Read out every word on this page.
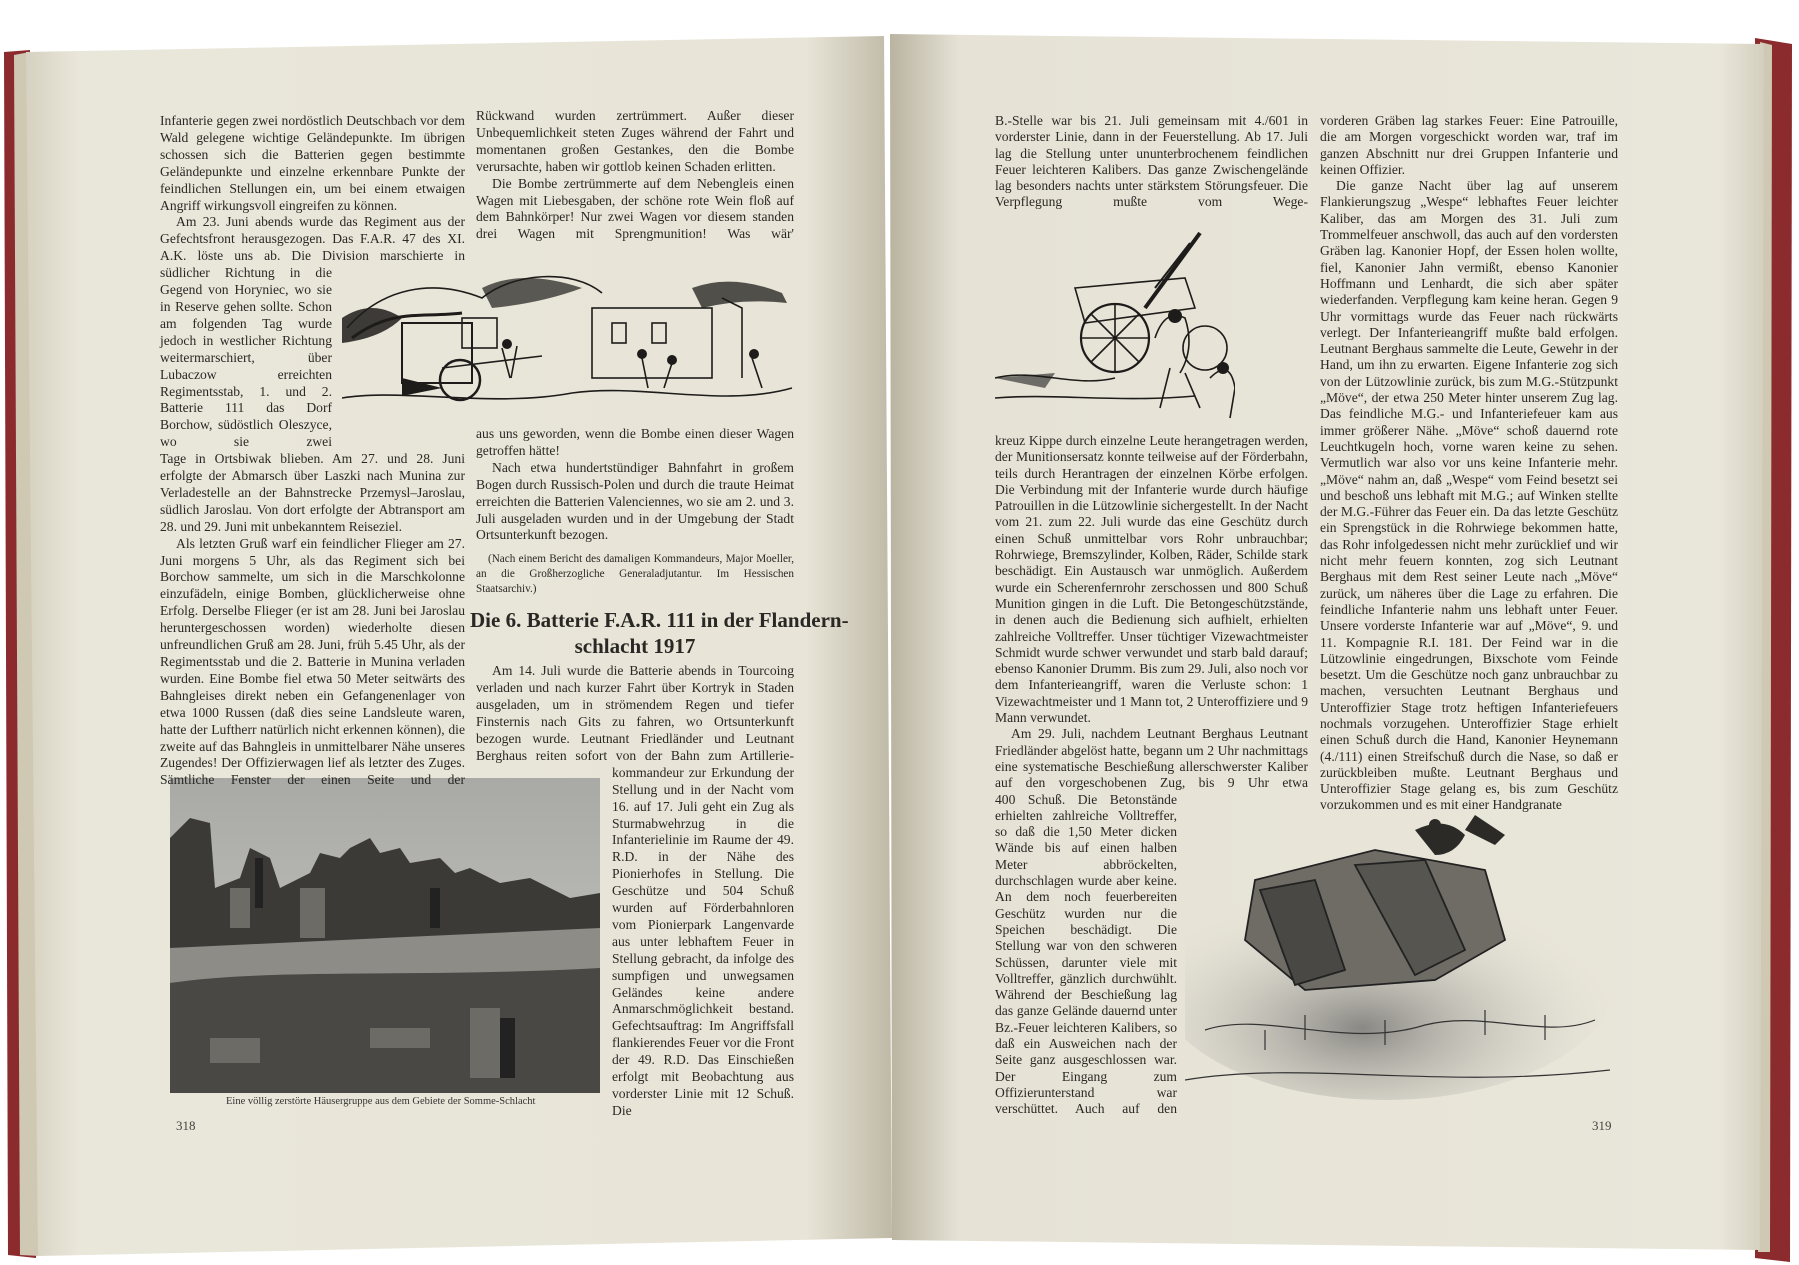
Infanterie gegen zwei nordöstlich Deutschbach vor dem Wald gelegene wichtige Geländepunkte. Im übrigen schossen sich die Batterien gegen bestimmte Geländepunkte und einzelne erkennbare Punkte der feindlichen Stellungen ein, um bei einem etwaigen Angriff wirkungsvoll eingreifen zu können.

Am 23. Juni abends wurde das Regiment aus der Gefechtsfront herausgezogen. Das F.A.R. 47 des XI. A.K. löste uns ab. Die Division marschierte in

südlicher Richtung in die Gegend von Horyniec, wo sie in Reserve gehen sollte. Schon am folgenden Tag wurde jedoch in westlicher Richtung weitermarschiert, über Lubaczow erreichten Regimentsstab, 1. und 2. Batterie 111 das Dorf Borchow, südöstlich Oleszyce, wo sie zwei

Tage in Ortsbiwak blieben. Am 27. und 28. Juni erfolgte der Abmarsch über Laszki nach Munina zur Verladestelle an der Bahnstrecke Przemysl–Jaroslau, südlich Jaroslau. Von dort erfolgte der Abtransport am 28. und 29. Juni mit unbekanntem Reiseziel.

Als letzten Gruß warf ein feindlicher Flieger am 27. Juni morgens 5 Uhr, als das Regiment sich bei Borchow sammelte, um sich in die Marschkolonne einzufädeln, einige Bomben, glücklicherweise ohne Erfolg. Derselbe Flieger (er ist am 28. Juni bei Jaroslau heruntergeschossen worden) wiederholte diesen unfreundlichen Gruß am 28. Juni, früh 5.45 Uhr, als der Regimentsstab und die 2. Batterie in Munina verladen wurden. Eine Bombe fiel etwa 50 Meter seitwärts des Bahngleises direkt neben ein Gefangenenlager von etwa 1000 Russen (daß dies seine Landsleute waren, hatte der Luftherr natürlich nicht erkennen können), die zweite auf das Bahngleis in unmittelbarer Nähe unseres Zugendes! Der Offizierwagen lief als letzter des Zuges. Sämtliche Fenster der einen Seite und der

Rückwand wurden zertrümmert. Außer dieser Unbequemlichkeit steten Zuges während der Fahrt und momentanen großen Gestankes, den die Bombe verursachte, haben wir gottlob keinen Schaden erlitten.

Die Bombe zertrümmerte auf dem Nebengleis einen Wagen mit Liebesgaben, der schöne rote Wein floß auf dem Bahnkörper! Nur zwei Wagen vor diesem standen drei Wagen mit Sprengmunition! Was wär'

aus uns geworden, wenn die Bombe einen dieser Wagen getroffen hätte!

Nach etwa hundertstündiger Bahnfahrt in großem Bogen durch Russisch-Polen und durch die traute Heimat erreichten die Batterien Valenciennes, wo sie am 2. und 3. Juli ausgeladen wurden und in der Umgebung der Stadt Ortsunterkunft bezogen.

(Nach einem Bericht des damaligen Kommandeurs, Major Moeller, an die Großherzogliche Generaladjutantur. Im Hessischen Staatsarchiv.)

Die 6. Batterie F.A.R. 111 in der Flandern-
schlacht 1917

Am 14. Juli wurde die Batterie abends in Tourcoing verladen und nach kurzer Fahrt über Kortryk in Staden ausgeladen, um in strömendem Regen und tiefer Finsternis nach Gits zu fahren, wo Ortsunterkunft bezogen wurde. Leutnant Friedländer und Leutnant Berghaus reiten sofort von der Bahn zum Artillerie-

kommandeur zur Erkundung der Stellung und in der Nacht vom 16. auf 17. Juli geht ein Zug als Sturmabwehrzug in die Infanterielinie im Raume der 49. R.D. in der Nähe des Pionierhofes in Stellung. Die Geschütze und 504 Schuß wurden auf Förderbahnloren vom Pionierpark Langenvarde aus unter lebhaftem Feuer in Stellung gebracht, da infolge des sumpfigen und unwegsamen Geländes keine andere Anmarschmöglichkeit bestand. Gefechtsauftrag: Im Angriffsfall flankierendes Feuer vor die Front der 49. R.D. Das Einschießen erfolgt mit Beobachtung aus vorderster Linie mit 12 Schuß. Die

Eine völlig zerstörte Häusergruppe aus dem Gebiete der Somme-Schlacht
318

B.-Stelle war bis 21. Juli gemeinsam mit 4./601 in vorderster Linie, dann in der Feuerstellung. Ab 17. Juli lag die Stellung unter ununterbrochenem feindlichen Feuer leichteren Kalibers. Das ganze Zwischengelände lag besonders nachts unter stärkstem Störungsfeuer. Die Verpflegung mußte vom Wege-

kreuz Kippe durch einzelne Leute herangetragen werden, der Munitionsersatz konnte teilweise auf der Förderbahn, teils durch Herantragen der einzelnen Körbe erfolgen. Die Verbindung mit der Infanterie wurde durch häufige Patrouillen in die Lützowlinie sichergestellt. In der Nacht vom 21. zum 22. Juli wurde das eine Geschütz durch einen Schuß unmittelbar vors Rohr unbrauchbar; Rohrwiege, Bremszylinder, Kolben, Räder, Schilde stark beschädigt. Ein Austausch war unmöglich. Außerdem wurde ein Scherenfernrohr zerschossen und 800 Schuß Munition gingen in die Luft. Die Betongeschützstände, in denen auch die Bedienung sich aufhielt, erhielten zahlreiche Volltreffer. Unser tüchtiger Vizewachtmeister Schmidt wurde schwer verwundet und starb bald darauf; ebenso Kanonier Drumm. Bis zum 29. Juli, also noch vor dem Infanterieangriff, waren die Verluste schon: 1 Vizewachtmeister und 1 Mann tot, 2 Unteroffiziere und 9 Mann verwundet.

Am 29. Juli, nachdem Leutnant Berghaus Leutnant Friedländer abgelöst hatte, begann um 2 Uhr nachmittags eine systematische Beschießung allerschwerster Kaliber auf den vorgeschobenen Zug, bis 9 Uhr etwa

400 Schuß. Die Betonstände erhielten zahlreiche Volltreffer, so daß die 1,50 Meter dicken Wände bis auf einen halben Meter abbröckelten, durchschlagen wurde aber keine. An dem noch feuerbereiten Geschütz wurden nur die Speichen beschädigt. Die Stellung war von den schweren Schüssen, darunter viele mit Volltreffer, gänzlich durchwühlt. Während der Beschießung lag das ganze Gelände dauernd unter Bz.-Feuer leichteren Kalibers, so daß ein Ausweichen nach der Seite ganz ausgeschlossen war. Der Eingang zum Offizierunterstand war verschüttet. Auch auf den

vorderen Gräben lag starkes Feuer: Eine Patrouille, die am Morgen vorgeschickt worden war, traf im ganzen Abschnitt nur drei Gruppen Infanterie und keinen Offizier.

Die ganze Nacht über lag auf unserem Flankierungszug „Wespe“ lebhaftes Feuer leichter Kaliber, das am Morgen des 31. Juli zum Trommelfeuer anschwoll, das auch auf den vordersten Gräben lag. Kanonier Hopf, der Essen holen wollte, fiel, Kanonier Jahn vermißt, ebenso Kanonier Hoffmann und Lenhardt, die sich aber später wiederfanden. Verpflegung kam keine heran. Gegen 9 Uhr vormittags wurde das Feuer nach rückwärts verlegt. Der Infanterieangriff mußte bald erfolgen. Leutnant Berghaus sammelte die Leute, Gewehr in der Hand, um ihn zu erwarten. Eigene Infanterie zog sich von der Lützowlinie zurück, bis zum M.G.-Stützpunkt „Möve“, der etwa 250 Meter hinter unserem Zug lag. Das feindliche M.G.- und Infanteriefeuer kam aus immer größerer Nähe. „Möve“ schoß dauernd rote Leuchtkugeln hoch, vorne waren keine zu sehen. Vermutlich war also vor uns keine Infanterie mehr. „Möve“ nahm an, daß „Wespe“ vom Feind besetzt sei und beschoß uns lebhaft mit M.G.; auf Winken stellte der M.G.-Führer das Feuer ein. Da das letzte Geschütz ein Sprengstück in die Rohrwiege bekommen hatte, das Rohr infolgedessen nicht mehr zurücklief und wir nicht mehr feuern konnten, zog sich Leutnant Berghaus mit dem Rest seiner Leute nach „Möve“ zurück, um näheres über die Lage zu erfahren. Die feindliche Infanterie nahm uns lebhaft unter Feuer. Unsere vorderste Infanterie war auf „Möve“, 9. und 11. Kompagnie R.I. 181. Der Feind war in die Lützowlinie eingedrungen, Bixschote vom Feinde besetzt. Um die Geschütze noch ganz unbrauchbar zu machen, versuchten Leutnant Berghaus und Unteroffizier Stage trotz heftigen Infanteriefeuers nochmals vorzugehen. Unteroffizier Stage erhielt einen Schuß durch die Hand, Kanonier Heynemann (4./111) einen Streifschuß durch die Nase, so daß er zurückbleiben mußte. Leutnant Berghaus und Unteroffizier Stage gelang es, bis zum Geschütz vorzukommen und es mit einer Handgranate

319
